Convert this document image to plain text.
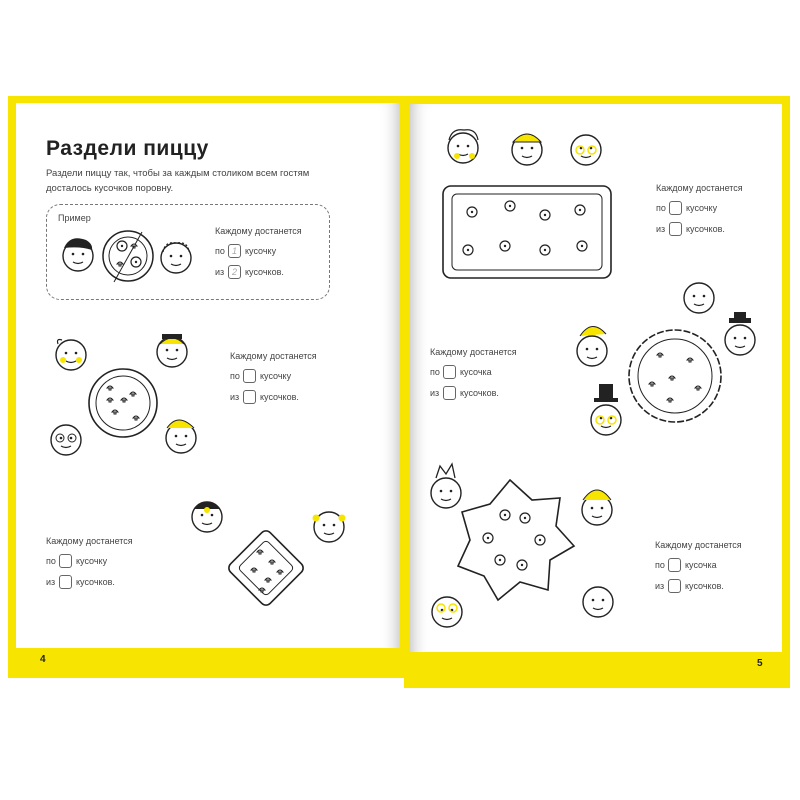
Раздели пиццу
Раздели пиццу так, чтобы за каждым столиком всем гостям
досталось кусочков поровну.
Пример
Каждому достанется
по 1 кусочку
из 2 кусочков.
Каждому достанется
по	кусочку
из	кусочков.
Каждому достанется
по	кусочку
из	кусочков.
Каждому достанется
по	кусочку
из	кусочков.
Каждому достанется
по	кусочка
из	кусочков.
Каждому достанется
по	кусочка
из	кусочков.
4	5
